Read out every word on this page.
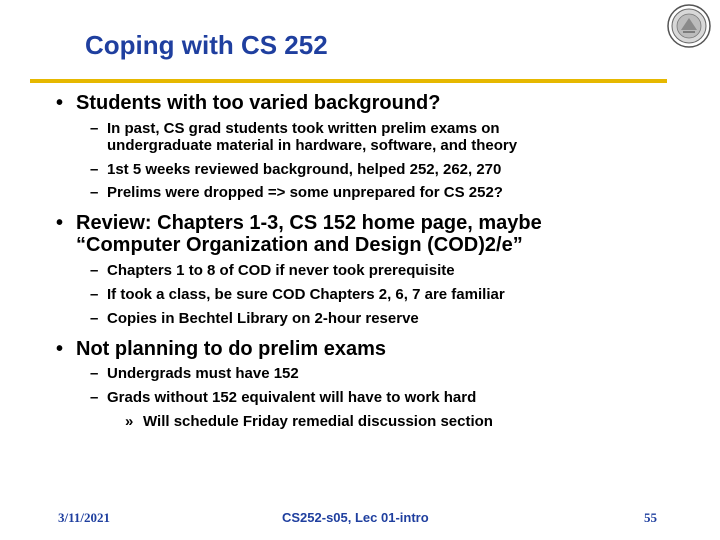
Coping with CS 252
• Students with too varied background?
– In past, CS grad students took written prelim exams on
undergraduate material in hardware, software, and theory
– 1st 5 weeks reviewed background, helped 252, 262, 270
– Prelims were dropped => some unprepared for CS 252?
• Review: Chapters 1-3, CS 152 home page, maybe
“Computer Organization and Design (COD)2/e”
– Chapters 1 to 8 of COD if never took prerequisite
– If took a class, be sure COD Chapters 2, 6, 7 are familiar
– Copies in Bechtel Library on 2-hour reserve
• Not planning to do prelim exams
– Undergrads must have 152
– Grads without 152 equivalent will have to work hard
» Will schedule Friday remedial discussion section
3/11/2021	CS252-s05, Lec 01-intro	55
